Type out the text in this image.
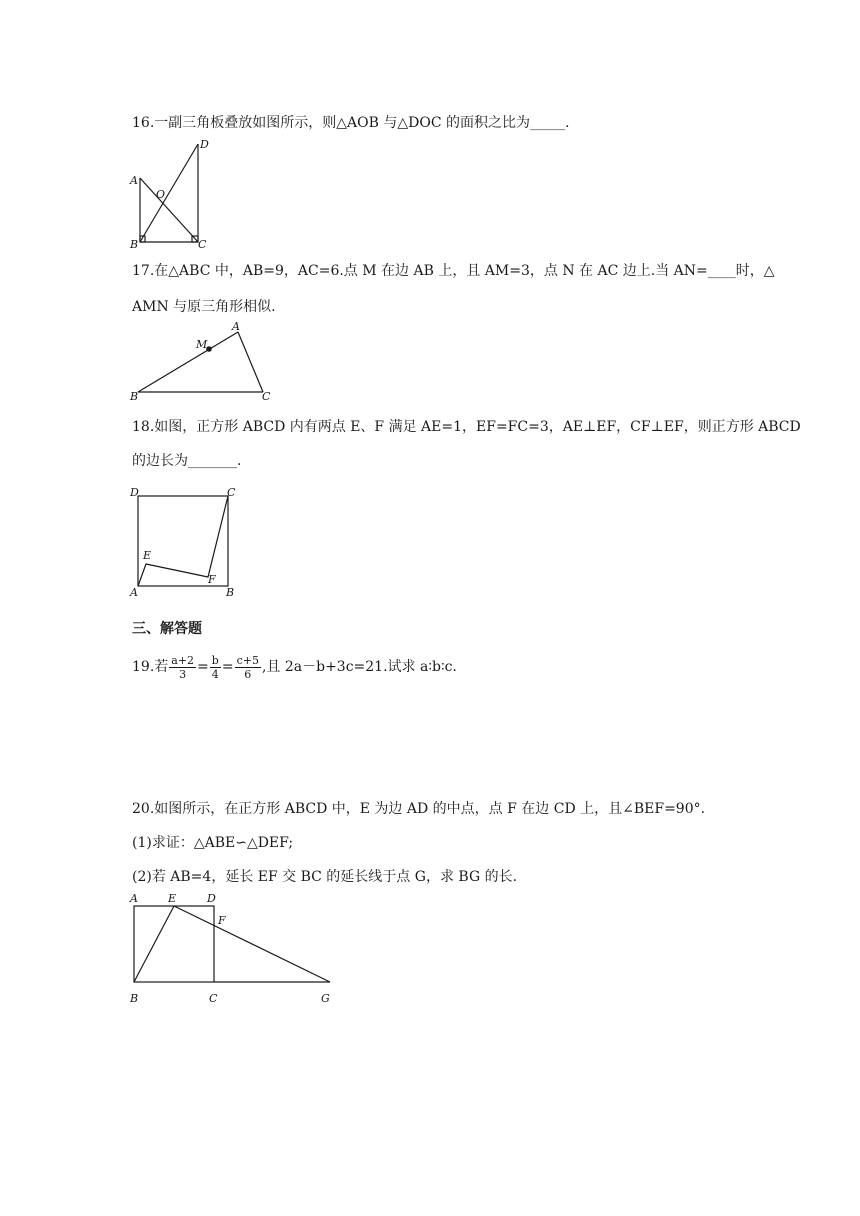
16.一副三角板叠放如图所示，则△AOB 与△DOC 的面积之比为_____.
D
A
O
B	C
17.在△ABC 中，AB=9，AC=6.点 M 在边 AB 上，且 AM=3，点 N 在 AC 边上.当 AN=____时，△
AMN 与原三角形相似.
A
M
B	C
18.如图，正方形 ABCD 内有两点 E、F 满足 AE=1，EF=FC=3，AE⊥EF，CF⊥EF，则正方形 ABCD
的边长为_______.
D	C
E
F
A	B
三、解答题
19.若 $\frac{a+2}{3} = \frac{b}{4} = \frac{c+5}{6}$ ,且 2a－b+3c=21.试求 a∶b∶c.
20.如图所示，在正方形 ABCD 中，E 为边 AD 的中点，点 F 在边 CD 上，且∠BEF=90°.
(1)求证：△ABE∽△DEF;
(2)若 AB=4，延长 EF 交 BC 的延长线于点 G，求 BG 的长.
A	E	D
F
B	C	G
